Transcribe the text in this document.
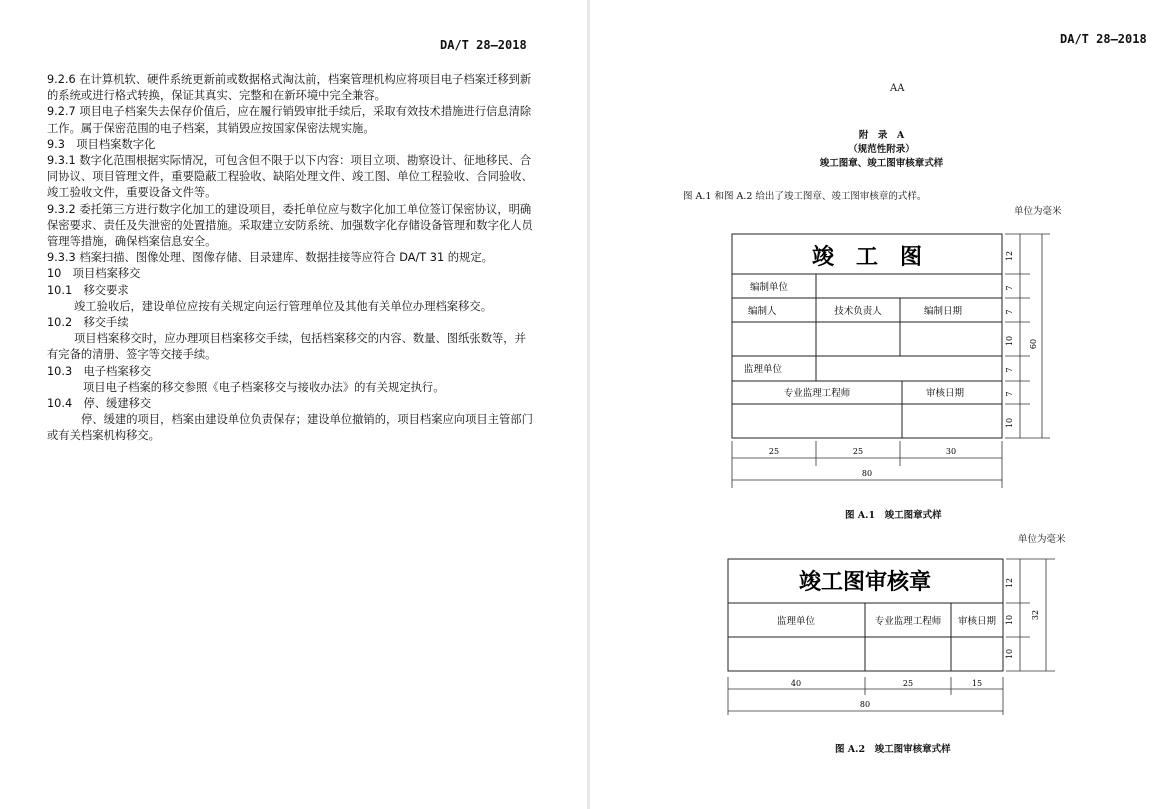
DA/T 28—2018

9.2.6 在计算机软、硬件系统更新前或数据格式淘汰前，档案管理机构应将项目电子档案迁移到新的系统或进行格式转换，保证其真实、完整和在新环境中完全兼容。

9.2.7 项目电子档案失去保存价值后，应在履行销毁审批手续后，采取有效技术措施进行信息清除工作。属于保密范围的电子档案，其销毁应按国家保密法规实施。

9.3　项目档案数字化

9.3.1 数字化范围根据实际情况，可包含但不限于以下内容：项目立项、勘察设计、征地移民、合同协议、项目管理文件，重要隐蔽工程验收、缺陷处理文件、竣工图、单位工程验收、合同验收、竣工验收文件，重要设备文件等。

9.3.2 委托第三方进行数字化加工的建设项目，委托单位应与数字化加工单位签订保密协议，明确保密要求、责任及失泄密的处置措施。采取建立安防系统、加强数字化存储设备管理和数字化人员管理等措施，确保档案信息安全。

9.3.3 档案扫描、图像处理、图像存储、目录建库、数据挂接等应符合 DA/T 31 的规定。

10　项目档案移交

10.1　移交要求

竣工验收后，建设单位应按有关规定向运行管理单位及其他有关单位办理档案移交。

10.2　移交手续

项目档案移交时，应办理项目档案移交手续，包括档案移交的内容、数量、图纸张数等，并有完备的清册、签字等交接手续。

10.3　电子档案移交

项目电子档案的移交参照《电子档案移交与接收办法》的有关规定执行。

10.4　停、缓建移交

停、缓建的项目，档案由建设单位负责保存；建设单位撤销的，项目档案应向项目主管部门或有关档案机构移交。

DA/T 28—2018
AA
附　录　A
（规范性附录）
竣工图章、竣工图审核章式样
图 A.1 和图 A.2 给出了竣工图章、竣工图审核章的式样。
单位为毫米
竣　工　图
编制单位
编制人	技术负责人	编制日期
监理单位
专业监理工程师	审核日期
12
7
7
10
7
7
10
60
25	25	30
80
图 A.1　竣工图章式样
单位为毫米
竣工图审核章
监理单位	专业监理工程师 审核日期
12
10
10
32
40	25	15
80
图 A.2　竣工图审核章式样
